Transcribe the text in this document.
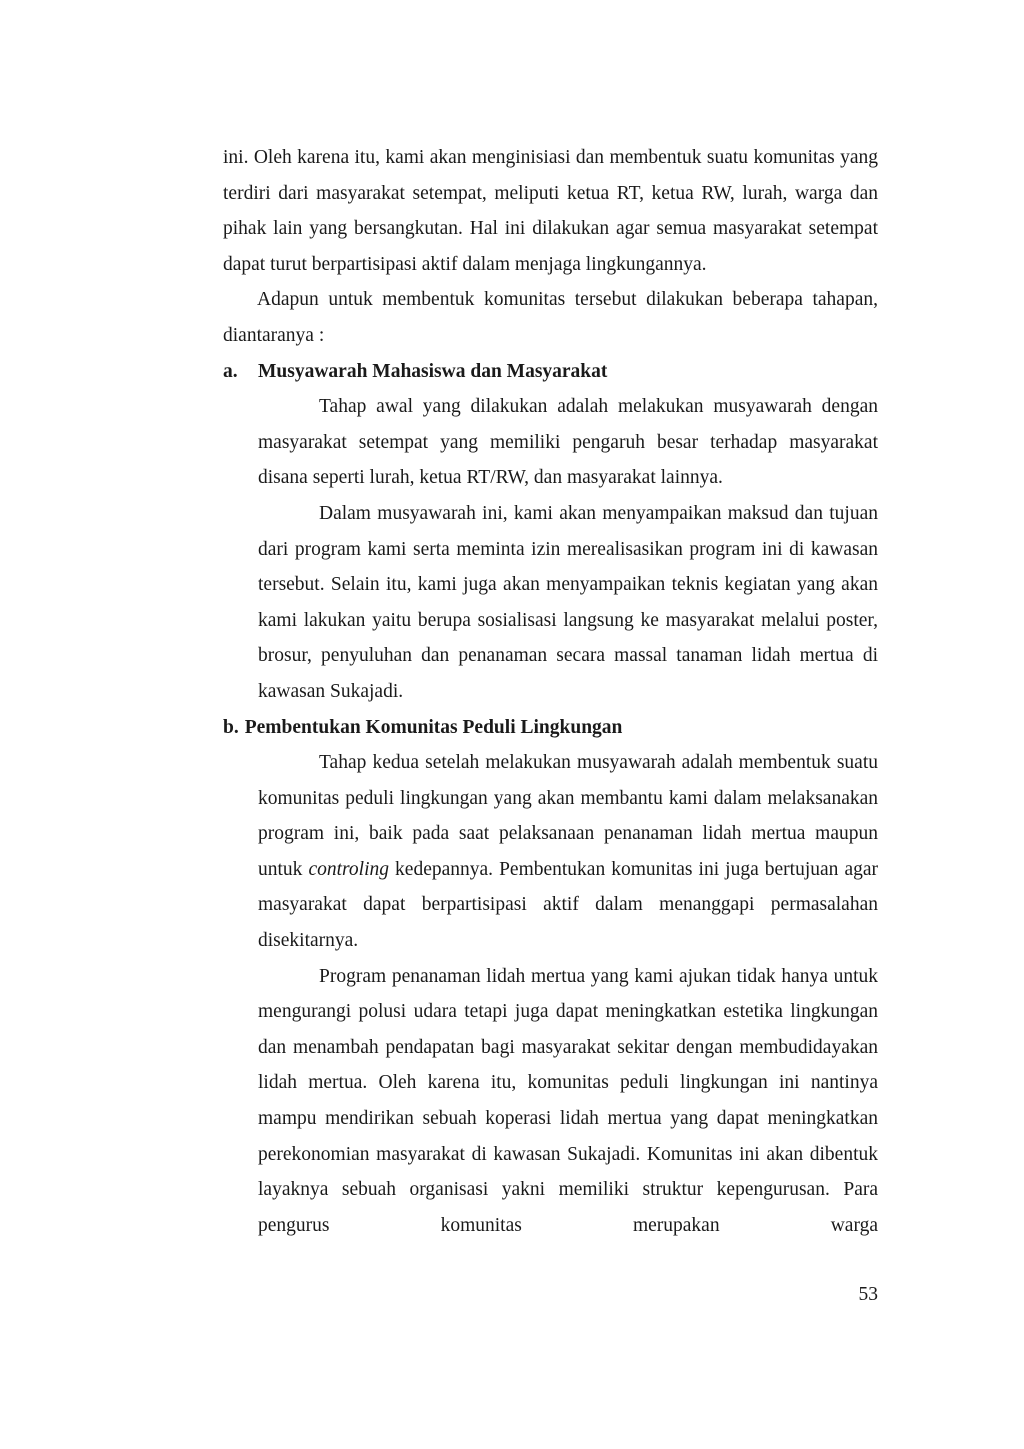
ini. Oleh karena itu, kami akan menginisiasi dan membentuk suatu komunitas yang terdiri dari masyarakat setempat, meliputi ketua RT, ketua RW, lurah, warga dan pihak lain yang bersangkutan. Hal ini dilakukan agar semua masyarakat setempat dapat turut berpartisipasi aktif dalam menjaga lingkungannya.

Adapun untuk membentuk komunitas tersebut dilakukan beberapa tahapan, diantaranya :

a.	Musyawarah Mahasiswa dan Masyarakat

Tahap awal yang dilakukan adalah melakukan musyawarah dengan masyarakat setempat yang memiliki pengaruh besar terhadap masyarakat disana seperti lurah, ketua RT/RW, dan masyarakat lainnya.

Dalam musyawarah ini, kami akan menyampaikan maksud dan tujuan dari program kami serta meminta izin merealisasikan program ini di kawasan tersebut. Selain itu, kami juga akan menyampaikan teknis kegiatan yang akan kami lakukan yaitu berupa sosialisasi langsung ke masyarakat melalui poster, brosur, penyuluhan dan penanaman secara massal tanaman lidah mertua di kawasan Sukajadi.

b. Pembentukan Komunitas Peduli Lingkungan

Tahap kedua setelah melakukan musyawarah adalah membentuk suatu komunitas peduli lingkungan yang akan membantu kami dalam melaksanakan program ini, baik pada saat pelaksanaan penanaman lidah mertua maupun untuk controling kedepannya. Pembentukan komunitas ini juga bertujuan agar masyarakat dapat berpartisipasi aktif dalam menanggapi permasalahan disekitarnya.

Program penanaman lidah mertua yang kami ajukan tidak hanya untuk mengurangi polusi udara tetapi juga dapat meningkatkan estetika lingkungan dan menambah pendapatan bagi masyarakat sekitar dengan membudidayakan lidah mertua. Oleh karena itu, komunitas peduli lingkungan ini nantinya mampu mendirikan sebuah koperasi lidah mertua yang dapat meningkatkan perekonomian masyarakat di kawasan Sukajadi. Komunitas ini akan dibentuk layaknya sebuah organisasi yakni memiliki struktur kepengurusan. Para pengurus komunitas merupakan warga

53
